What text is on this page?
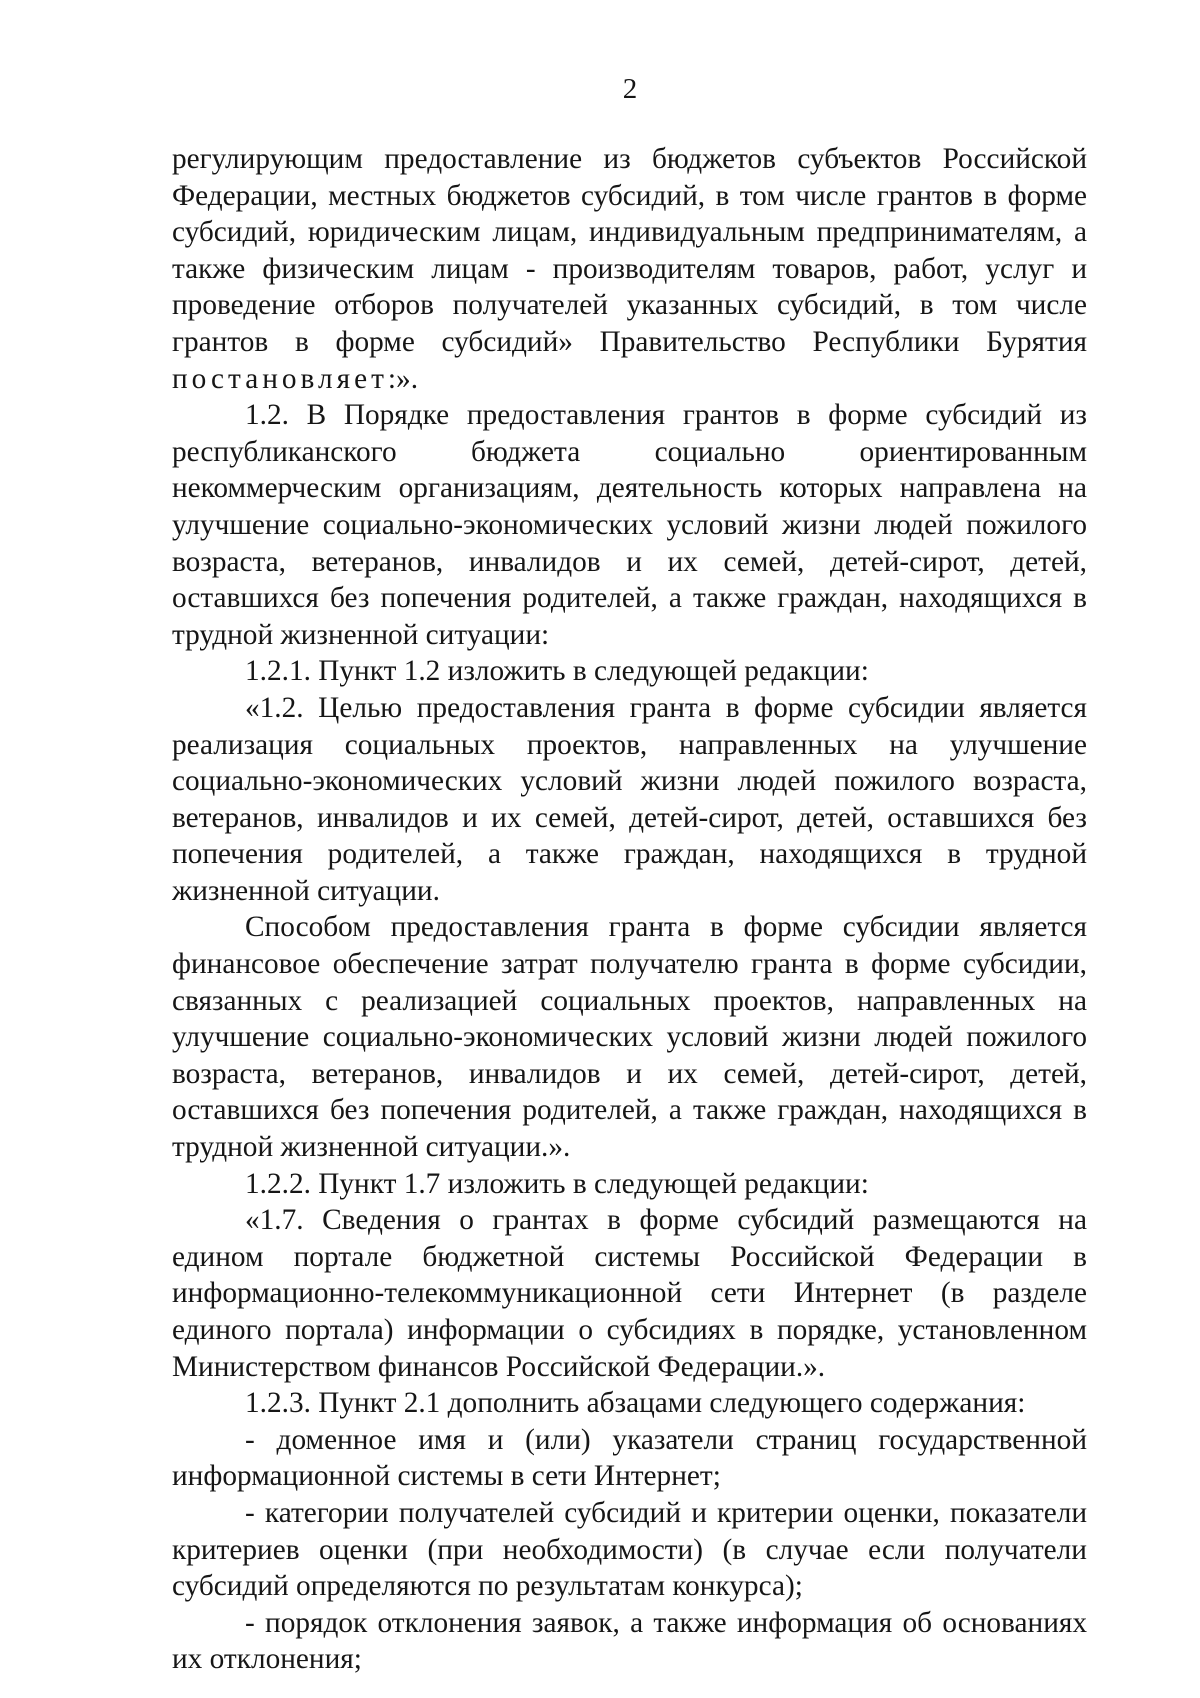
2

регулирующим предоставление из бюджетов субъектов Российской Федерации, местных бюджетов субсидий, в том числе грантов в форме субсидий, юридическим лицам, индивидуальным предпринимателям, а также физическим лицам - производителям товаров, работ, услуг и проведение отборов получателей указанных субсидий, в том числе грантов в форме субсидий» Правительство Республики Бурятия постановляет:».

1.2. В Порядке предоставления грантов в форме субсидий из республиканского бюджета социально ориентированным некоммерческим организациям, деятельность которых направлена на улучшение социально-экономических условий жизни людей пожилого возраста, ветеранов, инвалидов и их семей, детей-сирот, детей, оставшихся без попечения родителей, а также граждан, находящихся в трудной жизненной ситуации:

1.2.1. Пункт 1.2 изложить в следующей редакции:

«1.2. Целью предоставления гранта в форме субсидии является реализация социальных проектов, направленных на улучшение социально-экономических условий жизни людей пожилого возраста, ветеранов, инвалидов и их семей, детей-сирот, детей, оставшихся без попечения родителей, а также граждан, находящихся в трудной жизненной ситуации.

Способом предоставления гранта в форме субсидии является финансовое обеспечение затрат получателю гранта в форме субсидии, связанных с реализацией социальных проектов, направленных на улучшение социально-экономических условий жизни людей пожилого возраста, ветеранов, инвалидов и их семей, детей-сирот, детей, оставшихся без попечения родителей, а также граждан, находящихся в трудной жизненной ситуации.».

1.2.2. Пункт 1.7 изложить в следующей редакции:

«1.7. Сведения о грантах в форме субсидий размещаются на едином портале бюджетной системы Российской Федерации в информационно-телекоммуникационной сети Интернет (в разделе единого портала) информации о субсидиях в порядке, установленном Министерством финансов Российской Федерации.».

1.2.3. Пункт 2.1 дополнить абзацами следующего содержания:

- доменное имя и (или) указатели страниц государственной информационной системы в сети Интернет;

- категории получателей субсидий и критерии оценки, показатели критериев оценки (при необходимости) (в случае если получатели субсидий определяются по результатам конкурса);

- порядок отклонения заявок, а также информация об основаниях их отклонения;
